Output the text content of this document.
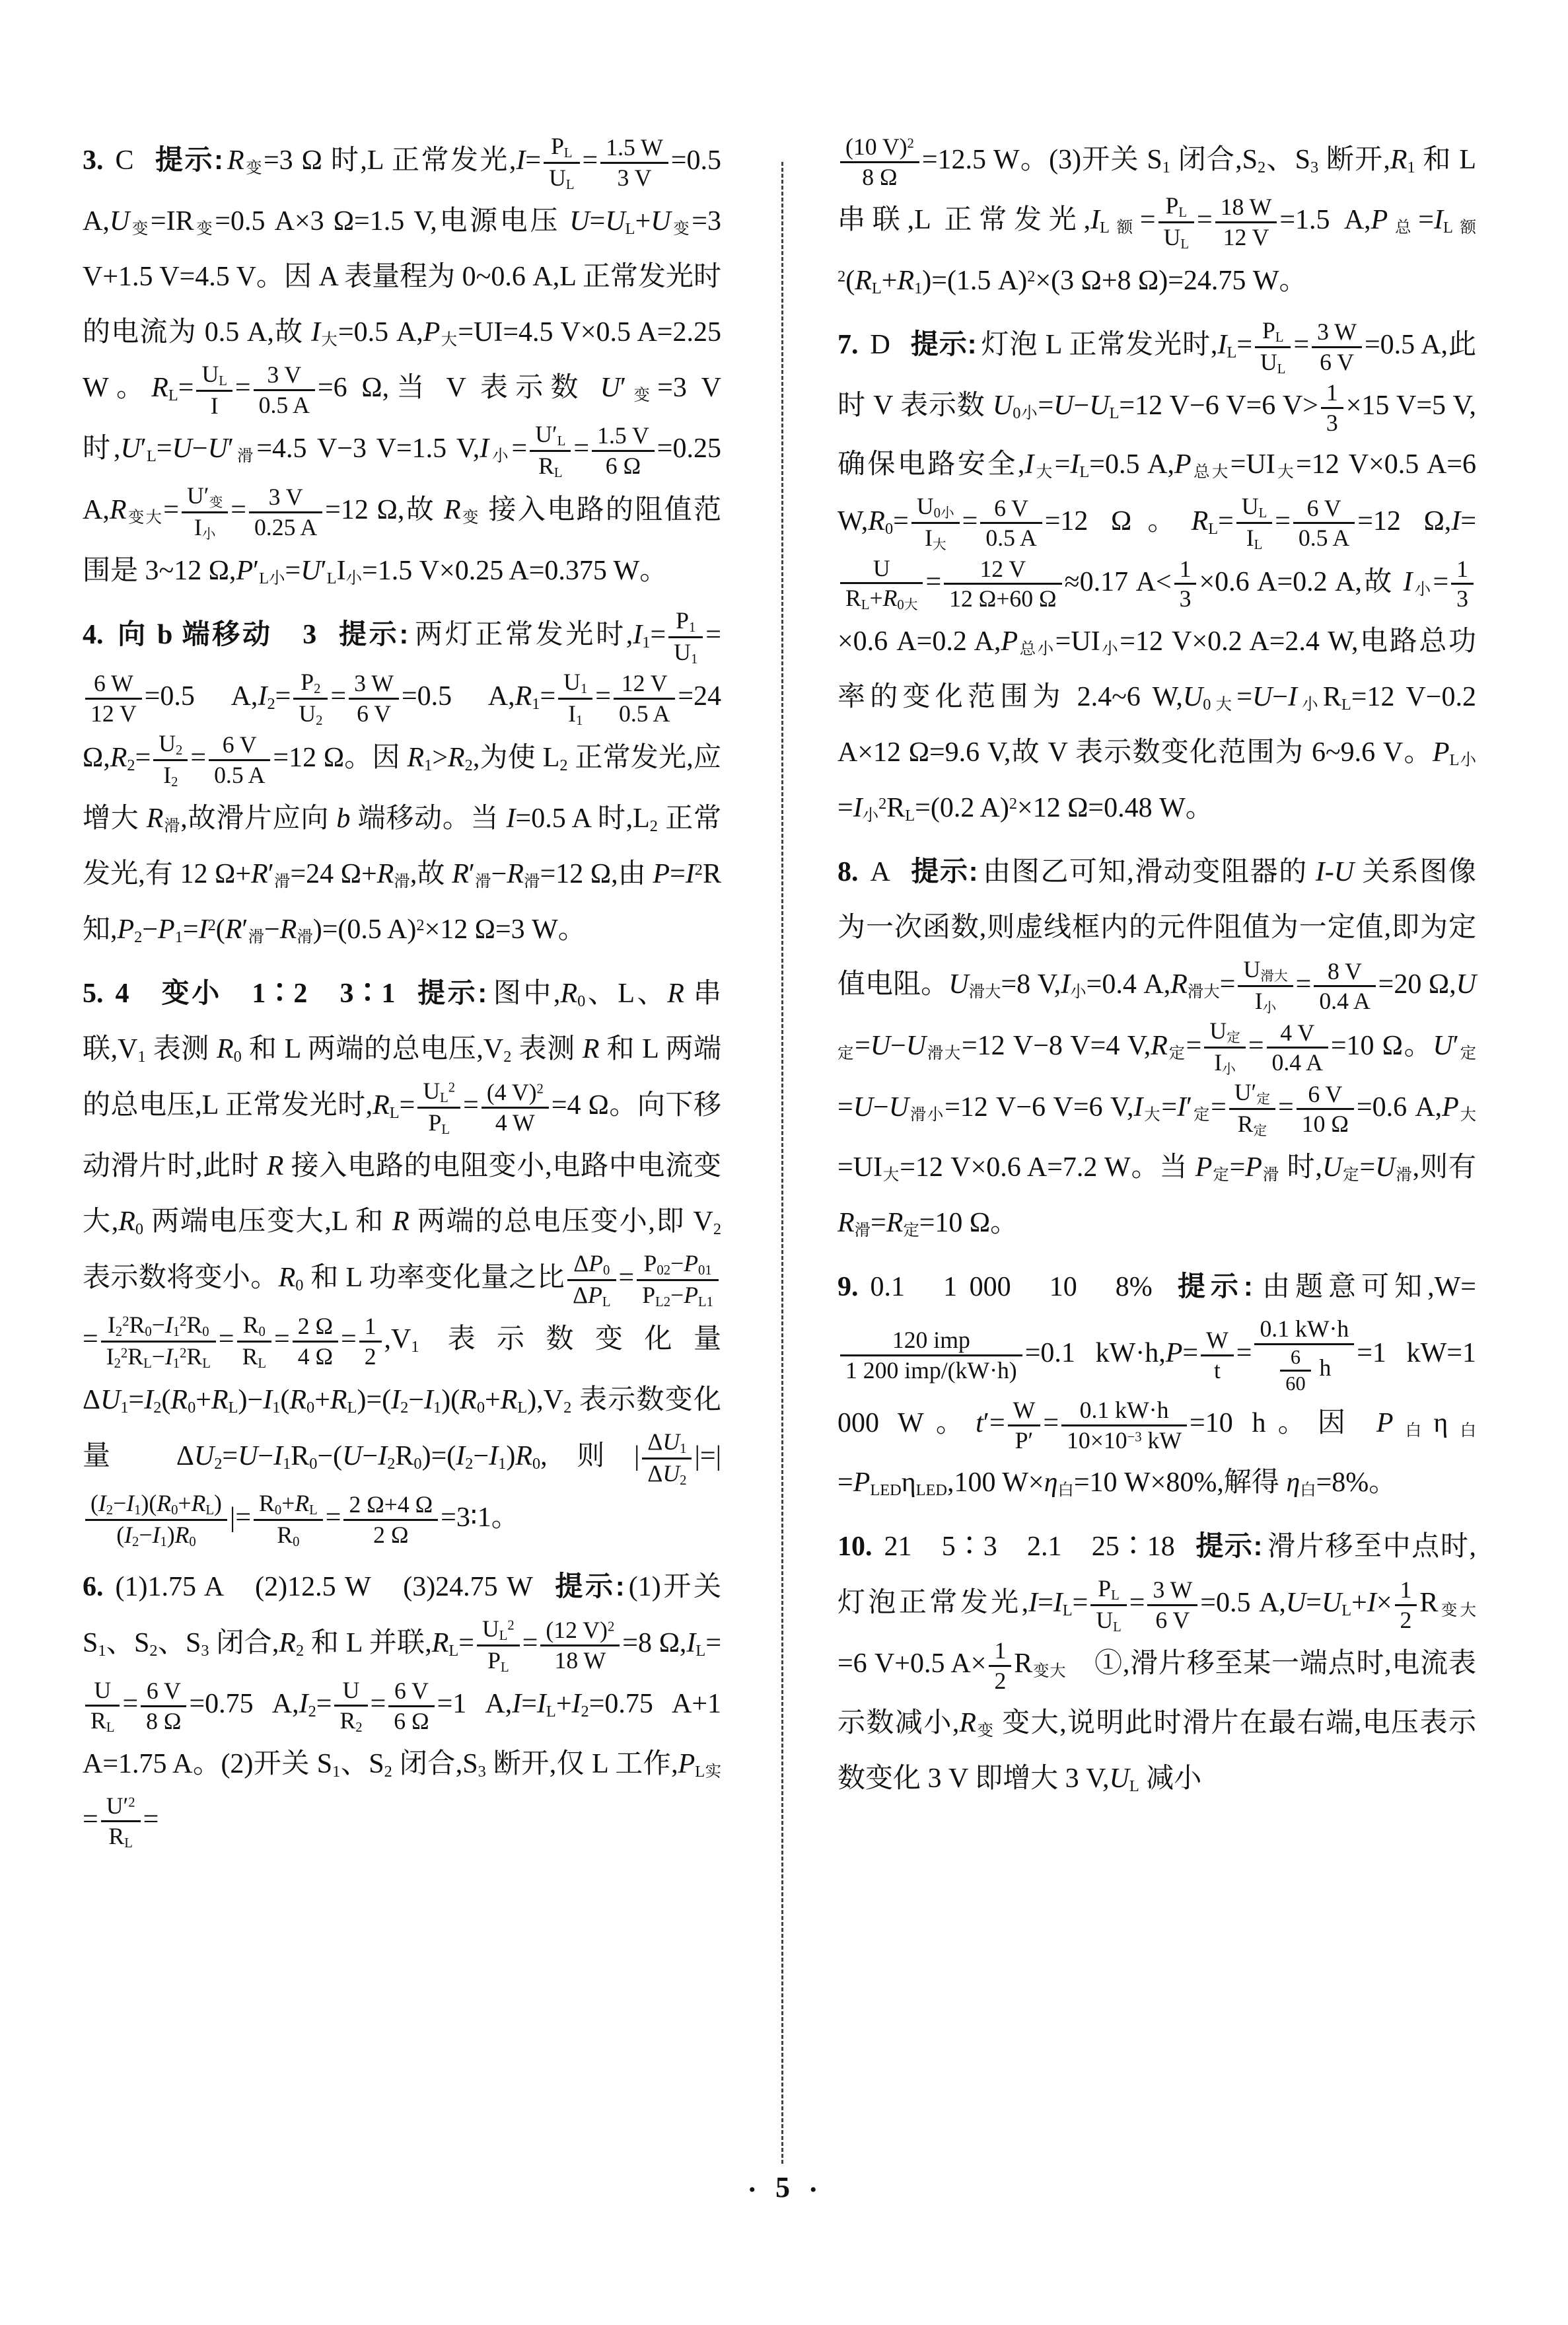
3. C 提示: $R_变=3$ Ω 时,L 正常发光$,I= \frac{P_L}{U_L} = \frac{1.5 W}{3 V} =0.5$ $A,U_变=IR_变=0.5$ A×3 Ω=1.5 V,电源电压 $U=U_L+U_变=3$ V+1.5 V=4.5 V。因 A 表量程为 0~0.6 A,L 正常发光时的电流为 0.5 A,故 $I_大=0.5$ $A,P_大=UI=4.5$ V×0.5 A=2.25 W。$R_L= \frac{U_L}{I} = \frac{3 V}{0.5 A} =6$ Ω,当 V 表示数 $U'_变=3$ V 时$,U'_L=U-U'_滑=4.5$ V−3 V=1.5 $V,I_小= \frac{U'_L}{R_L} = \frac{1.5 V}{6 \Omega} =0.25$ $A,R_{变大}= \frac{U'_变}{I_小} = \frac{3 V}{0.25 A} =12$ Ω,故 $R_变$ 接入电路的阻值范围是 3~12 $\Omega,P'_{L小}=U'_LI_小=1.5$ V×0.25 A=0.375 W。

4. 向 b 端移动　3 提示: 两灯正常发光时$,I_1= \frac{P_1}{U_1}$ =
$\frac{6 W}{12 V} =0.5$ $A,I_2= \frac{P_2}{U_2} = \frac{3 W}{6 V} =0.5$ $A,R_1= \frac{U_1}{I_1} = \frac{12 V}{0.5 A} =24$ $\Omega,R_2= \frac{U_2}{I_2} = \frac{6 V}{0.5 A} =12$ Ω。因 $R_1>R_2$,为使 $L_2$ 正常发光,应增大 $R_滑$,故滑片应向 b 端移动。当 I=0.5 A 时$,L_2$ 正常发光,有 12 $\Omega+R'_滑=24$ $\Omega+R_滑$,故 $R'_滑-R_滑=12$ Ω,由 $P=I^2R$ 知$,P_2-P_1=I^2(R'_滑-R_滑)=(0.5$ A)$^2$×12 Ω=3 W。

5. 4　变小　1∶2　3∶1 提示: 图中$,R_0$、L、R 串联$,V_1$ 表测 $R_0$ 和 L 两端的总电压$,V_2$ 表测 R 和 L 两端的总电压,L 正常发光时$,R_L= \frac{U_L^2}{P_L} = \frac{(4 V)^2}{4 W} =4$ Ω。向下移动滑片时,此时 R 接入电路的电阻变小,电路中电流变大$,R_0$ 两端电压变大,L 和 R 两端的总电压变小,即 $V_2$ 表示数将变小。$R_0$ 和 L 功率变化量之比 $\frac{\Delta P_0}{\Delta P_L} = \frac{P_{02}-P_{01}}{P_{L2}-P_{L1}}$
= $\frac{I_2^2R_0-I_1^2R_0}{I_2^2R_L-I_1^2R_L} = \frac{R_0}{R_L} = \frac{2 \Omega}{4 \Omega} = \frac{1}{2} ,V_1$ 表示数变化量 $\Delta U_1=I_2(R_0+R_L)-I_1(R_0+R_L)=(I_2-I_1)(R_0+R_L),V_2$ 表示数变化量 $\Delta U_2=U-I_1R_0-(U-I_2R_0)=(I_2-I_1)R_0$,则| $\frac{\Delta U_1}{\Delta U_2}$ |=|
$\frac{(I_2-I_1)(R_0+R_L)}{(I_2-I_1)R_0}$ |= $\frac{R_0+R_L}{R_0} = \frac{2 \Omega+4 \Omega}{2 \Omega}$ =3∶1。

6. (1)1.75 A　(2)12.5 W　(3)24.75 W 提示: (1)开关 $S_1$、$S_2$、$S_3$ 闭合$,R_2$ 和 L 并联$,R_L= \frac{U_L^2}{P_L} = \frac{(12 V)^2}{18 W} =8$ $\Omega,I_L=$
$\frac{U}{R_L} = \frac{6 V}{8 \Omega} =0.75$ $A,I_2= \frac{U}{R_2} = \frac{6 V}{6 \Omega} =1$ $A,I=I_L+I_2=0.75$ A+1 A=1.75 A。(2)开关 $S_1$、$S_2$ 闭合$,S_3$ 断开,仅 L 工作$,P_{L实}= \frac{U'^2}{R_L}$ =

$\frac{(10 V)^2}{8 \Omega} =12.5$ W。(3)开关 $S_1$ 闭合$,S_2$、$S_3$ 断开$,R_1$ 和 L 串联,L 正常发光$,I_{L额}= \frac{P_L}{U_L} = \frac{18 W}{12 V} =1.5$ $A,P_总=I_{L额}^2(R_L+R_1)=(1.5$ A)$^2$×(3 Ω+8 Ω)=24.75 W。

7. D 提示: 灯泡 L 正常发光时$,I_L= \frac{P_L}{U_L} = \frac{3 W}{6 V} =0.5$ A,此时 V 表示数 $U_{0小}=U-U_L=12$ V−6 V=6 $V> \frac{1}{3} \times 15$ V=5 V,确保电路安全$,I_大=I_L=0.5$ $A,P_{总大}=UI_大=12$ V×0.5 A=6 $W,R_0= \frac{U_{0小}}{I_大} = \frac{6 V}{0.5 A} =12$ Ω。$R_L= \frac{U_L}{I_L} = \frac{6 V}{0.5 A} =12$ Ω,I=
$\frac{U}{R_L+R_{0大}} = \frac{12 V}{12 \Omega+60 \Omega} \approx 0.17$ $A< \frac{1}{3} \times 0.6$ A=0.2 A,故 $I_小= \frac{1}{3}$
×0.6 A=0.2 $A,P_{总小}=UI_小=12$ V×0.2 A=2.4 W,电路总功率的变化范围为 2.4~6 $W,U_{0大}=U-I_小R_L=12$ V−0.2 A×12 Ω=9.6 V,故 V 表示数变化范围为 6~9.6 V。$P_{L小}=I_小^2R_L=(0.2$ A)$^2$×12 Ω=0.48 W。

8. A 提示: 由图乙可知,滑动变阻器的 I-U 关系图像为一次函数,则虚线框内的元件阻值为一定值,即为定值电阻。$U_{滑大}=8$ $V,I_小=0.4$ $A,R_{滑大}= \frac{U_{滑大}}{I_小} = \frac{8 V}{0.4 A} =20$ $\Omega,U_定=U-U_{滑大}=12$ V−8 V=4 $V,R_定= \frac{U_定}{I_小} = \frac{4 V}{0.4 A} =10$ Ω。$U'_定=U-U_{滑小}=12$ V−6 V=6 $V,I_大=I'_定= \frac{U'_定}{R_定} = \frac{6 V}{10 \Omega} =0.6$ $A,P_大=UI_大=12$ V×0.6 A=7.2 W。当 $P_定=P_滑$ 时$,U_定=U_滑$,则有 $R_滑=R_定=10$ Ω。

9. 0.1　1 000　10　8% 提示: 由题意可知,W=
$\frac{\text{120 imp}}{\text{1 200 imp/(kW·h)}} =0.1$ $kW\cdot h,P= \frac{W}{t} = \frac{0.1 kW\cdot h}{\frac{6}{60} h} =1$ kW=1 000 W。$t'= \frac{W}{P'} = \frac{0.1 kW\cdot h}{10\times 10^{-3} kW} =10$ h。因 $P_白\eta_白=P_{LED}\eta_{LED},100$ $W\times\eta_白=10$ W×80%,解得 $\eta_白=8\%$。

10. 21　5∶3　2.1　25∶18 提示: 滑片移至中点时,灯泡正常发光$,I=I_L= \frac{P_L}{U_L} = \frac{3 W}{6 V} =0.5$ $A,U=U_L+I\times \frac{1}{2} R_{变大}=6$ V+0.5 $A\times \frac{1}{2} R_{变大}$　①,滑片移至某一端点时,电流表示数减小$,R_变$ 变大,说明此时滑片在最右端,电压表示数变化 3 V 即增大 3 $V,U_L$ 减小

• 5 •
